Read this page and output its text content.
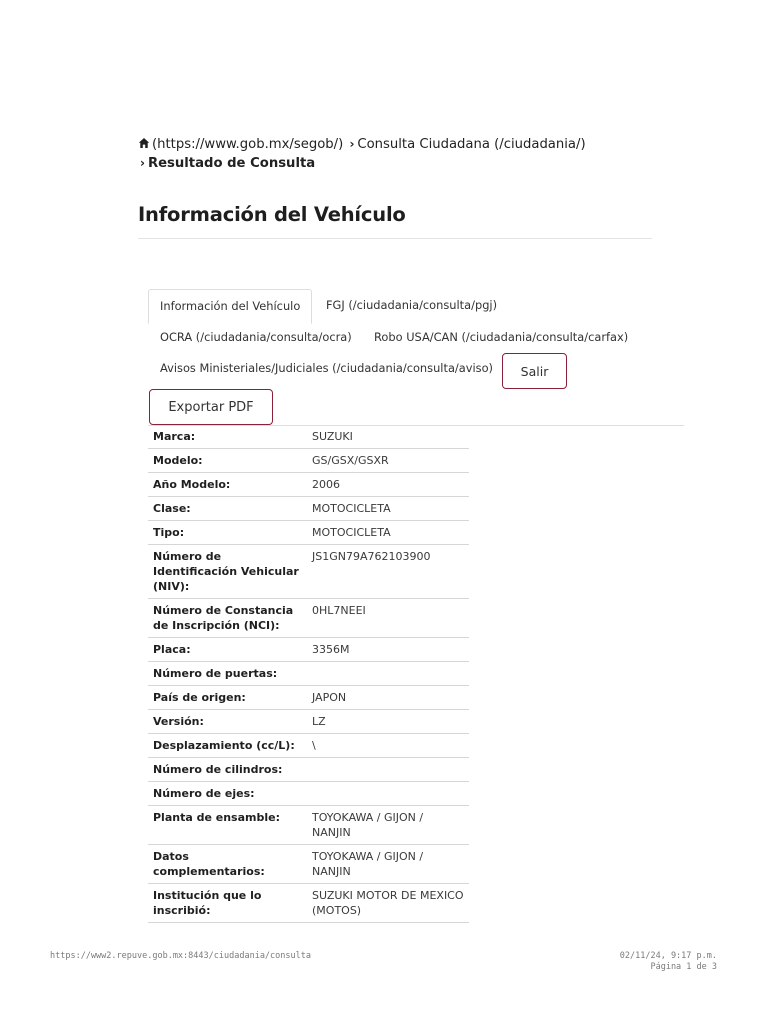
(https://www.gob.mx/segob/) › Consulta Ciudadana (/ciudadania/)
› Resultado de Consulta
Información del Vehículo
Información del Vehículo	FGJ (/ciudadania/consulta/pgj)
OCRA (/ciudadania/consulta/ocra) Robo USA/CAN (/ciudadania/consulta/carfax)
Avisos Ministeriales/Judiciales (/ciudadania/consulta/aviso)	Salir
Exportar PDF
Marca:	SUZUKI
Modelo:	GS/GSX/GSXR
Año Modelo:	2006
Clase:	MOTOCICLETA
Tipo:	MOTOCICLETA
Número de Identificación Vehicular (NIV):	JS1GN79A762103900
Número de Constancia de Inscripción (NCI):	0HL7NEEI
Placa:	3356M
Número de puertas:	
País de origen:	JAPON
Versión:	LZ
Desplazamiento (cc/L):	\
Número de cilindros:	
Número de ejes:	
Planta de ensamble:	TOYOKAWA / GIJON / NANJIN
Datos complementarios:	TOYOKAWA / GIJON / NANJIN
Institución que lo inscribió:	SUZUKI MOTOR DE MEXICO (MOTOS)
https://www2.repuve.gob.mx:8443/ciudadania/consulta	02/11/24, 9:17 p.m.
Página 1 de 3
